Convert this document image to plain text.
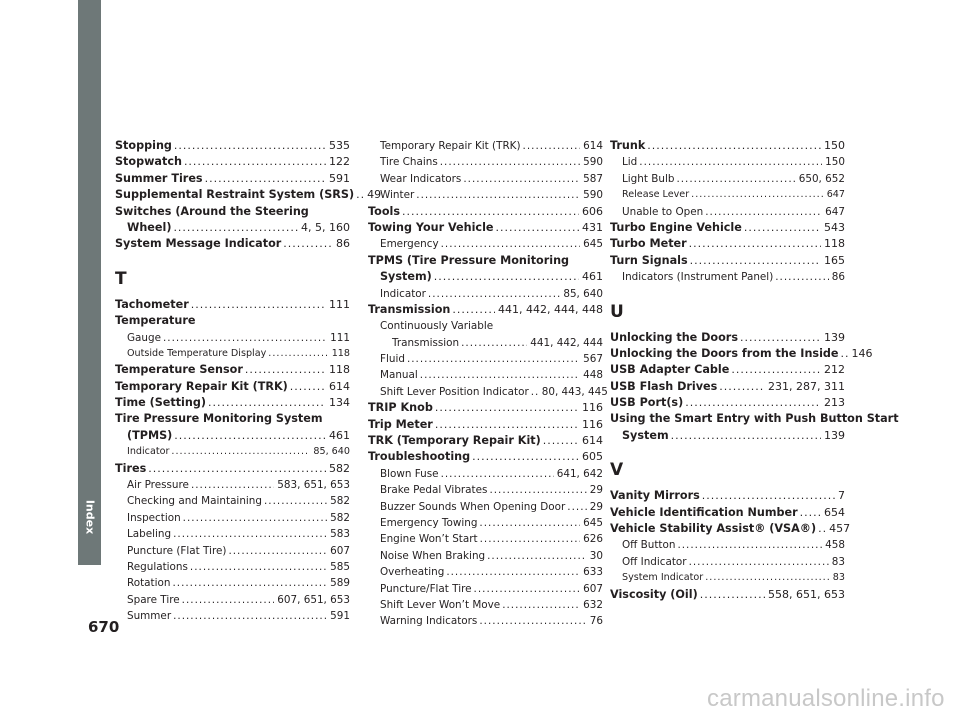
Index
Stopping .....	535
Stopwatch .....	122
Summer Tires .....	591
Supplemental Restraint System (SRS) ..... 49
Switches (Around the Steering
Wheel) .....	4, 5, 160
System Message Indicator .....	86
T
Tachometer .....	111
Temperature
Gauge .....	111
Outside Temperature Display .....	118
Temperature Sensor .....	118
Temporary Repair Kit (TRK) .....	614
Time (Setting) .....	134
Tire Pressure Monitoring System
(TPMS) .....	461
Indicator .....	85, 640
Tires .....	582
Air Pressure .....	583, 651, 653
Checking and Maintaining .....	582
Inspection .....	582
Labeling .....	583
Puncture (Flat Tire) .....	607
Regulations .....	585
Rotation .....	589
Spare Tire .....	607, 651, 653
Summer .....	591
Temporary Repair Kit (TRK) .....	614
Tire Chains .....	590
Wear Indicators .....	587
Winter .....	590
Tools .....	606
Towing Your Vehicle .....	431
Emergency .....	645
TPMS (Tire Pressure Monitoring
System) .....	461
Indicator .....	85, 640
Transmission .....	441, 442, 444, 448
Continuously Variable
Transmission .....	441, 442, 444
Fluid .....	567
Manual .....	448
Shift Lever Position Indicator ..... 80, 443, 445
TRIP Knob .....	116
Trip Meter .....	116
TRK (Temporary Repair Kit) .....	614
Troubleshooting .....	605
Blown Fuse .....	641, 642
Brake Pedal Vibrates .....	29
Buzzer Sounds When Opening Door ..... 29
Emergency Towing .....	645
Engine Won’t Start .....	626
Noise When Braking .....	30
Overheating .....	633
Puncture/Flat Tire .....	607
Shift Lever Won’t Move .....	632
Warning Indicators .....	76
Trunk .....	150
Lid .....	150
Light Bulb .....	650, 652
Release Lever .....	647
Unable to Open .....	647
Turbo Engine Vehicle .....	543
Turbo Meter .....	118
Turn Signals .....	165
Indicators (Instrument Panel) .....	86
U
Unlocking the Doors .....	139
Unlocking the Doors from the Inside ..... 146
USB Adapter Cable .....	212
USB Flash Drives .....	231, 287, 311
USB Port(s) .....	213
Using the Smart Entry with Push Button Start
System .....	139
V
Vanity Mirrors .....	7
Vehicle Identification Number ..... 654
Vehicle Stability Assist® (VSA®) ..... 457
Off Button .....	458
Off Indicator .....	83
System Indicator .....	83
Viscosity (Oil) .....	558, 651, 653
670
carmanualsonline.info
